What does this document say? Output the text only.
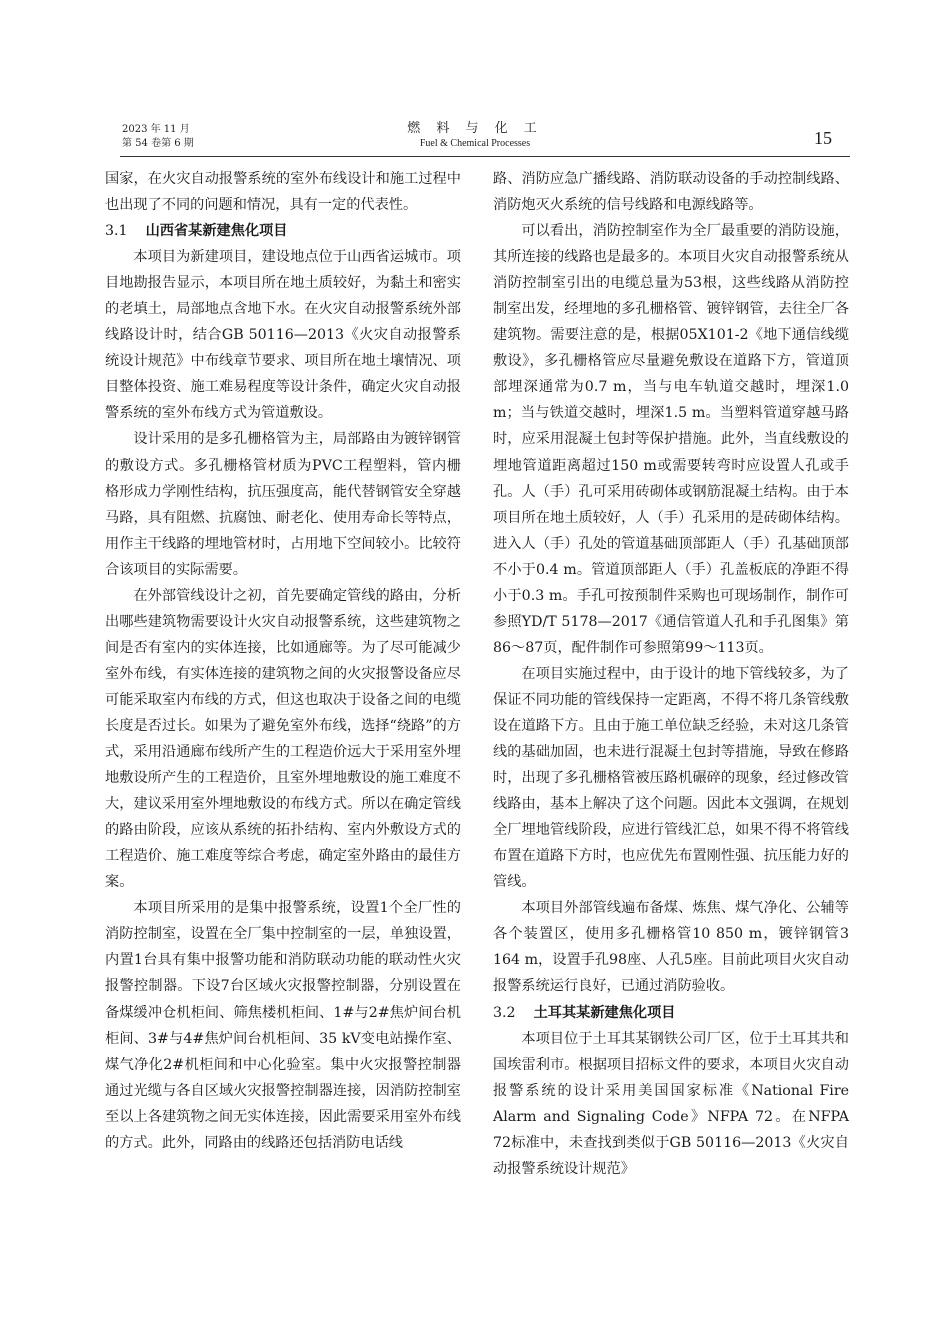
2023 年 11 月
第 54 卷第 6 期
燃 料 与 化 工
Fuel & Chemical Processes	15

国家，在火灾自动报警系统的室外布线设计和施工过程中也出现了不同的问题和情况，具有一定的代表性。

3.1 山西省某新建焦化项目

本项目为新建项目，建设地点位于山西省运城市。项目地勘报告显示，本项目所在地土质较好，为黏土和密实的老填土，局部地点含地下水。在火灾自动报警系统外部线路设计时，结合GB 50116—2013《火灾自动报警系统设计规范》中布线章节要求、项目所在地土壤情况、项目整体投资、施工难易程度等设计条件，确定火灾自动报警系统的室外布线方式为管道敷设。

设计采用的是多孔栅格管为主，局部路由为镀锌钢管的敷设方式。多孔栅格管材质为PVC工程塑料，管内栅格形成力学刚性结构，抗压强度高，能代替钢管安全穿越马路，具有阻燃、抗腐蚀、耐老化、使用寿命长等特点，用作主干线路的埋地管材时，占用地下空间较小。比较符合该项目的实际需要。

在外部管线设计之初，首先要确定管线的路由，分析出哪些建筑物需要设计火灾自动报警系统，这些建筑物之间是否有室内的实体连接，比如通廊等。为了尽可能减少室外布线，有实体连接的建筑物之间的火灾报警设备应尽可能采取室内布线的方式，但这也取决于设备之间的电缆长度是否过长。如果为了避免室外布线，选择“绕路”的方式，采用沿通廊布线所产生的工程造价远大于采用室外埋地敷设所产生的工程造价，且室外埋地敷设的施工难度不大，建议采用室外埋地敷设的布线方式。所以在确定管线的路由阶段，应该从系统的拓扑结构、室内外敷设方式的工程造价、施工难度等综合考虑，确定室外路由的最佳方案。

本项目所采用的是集中报警系统，设置1个全厂性的消防控制室，设置在全厂集中控制室的一层，单独设置，内置1台具有集中报警功能和消防联动功能的联动性火灾报警控制器。下设7台区域火灾报警控制器，分别设置在备煤缓冲仓机柜间、筛焦楼机柜间、1#与2#焦炉间台机柜间、3#与4#焦炉间台机柜间、35 kV变电站操作室、煤气净化2#机柜间和中心化验室。集中火灾报警控制器通过光缆与各自区域火灾报警控制器连接，因消防控制室至以上各建筑物之间无实体连接，因此需要采用室外布线的方式。此外，同路由的线路还包括消防电话线

路、消防应急广播线路、消防联动设备的手动控制线路、消防炮灭火系统的信号线路和电源线路等。

可以看出，消防控制室作为全厂最重要的消防设施，其所连接的线路也是最多的。本项目火灾自动报警系统从消防控制室引出的电缆总量为53根，这些线路从消防控制室出发，经埋地的多孔栅格管、镀锌钢管，去往全厂各建筑物。需要注意的是，根据05X101-2《地下通信线缆敷设》，多孔栅格管应尽量避免敷设在道路下方，管道顶部埋深通常为0.7 m，当与电车轨道交越时，埋深1.0 m；当与铁道交越时，埋深1.5 m。当塑料管道穿越马路时，应采用混凝土包封等保护措施。此外，当直线敷设的埋地管道距离超过150 m或需要转弯时应设置人孔或手孔。人（手）孔可采用砖砌体或钢筋混凝土结构。由于本项目所在地土质较好，人（手）孔采用的是砖砌体结构。进入人（手）孔处的管道基础顶部距人（手）孔基础顶部不小于0.4 m。管道顶部距人（手）孔盖板底的净距不得小于0.3 m。手孔可按预制件采购也可现场制作，制作可参照YD/T 5178—2017《通信管道人孔和手孔图集》第86～87页，配件制作可参照第99～113页。

在项目实施过程中，由于设计的地下管线较多，为了保证不同功能的管线保持一定距离，不得不将几条管线敷设在道路下方。且由于施工单位缺乏经验，未对这几条管线的基础加固，也未进行混凝土包封等措施，导致在修路时，出现了多孔栅格管被压路机碾碎的现象，经过修改管线路由，基本上解决了这个问题。因此本文强调，在规划全厂埋地管线阶段，应进行管线汇总，如果不得不将管线布置在道路下方时，也应优先布置刚性强、抗压能力好的管线。

本项目外部管线遍布备煤、炼焦、煤气净化、公辅等各个装置区，使用多孔栅格管10 850 m，镀锌钢管3 164 m，设置手孔98座、人孔5座。目前此项目火灾自动报警系统运行良好，已通过消防验收。

3.2 土耳其某新建焦化项目

本项目位于土耳其某钢铁公司厂区，位于土耳其共和国埃雷利市。根据项目招标文件的要求，本项目火灾自动报警系统的设计采用美国国家标准《National Fire Alarm and Signaling Code》NFPA 72。在NFPA 72标准中，未查找到类似于GB 50116—2013《火灾自动报警系统设计规范》
